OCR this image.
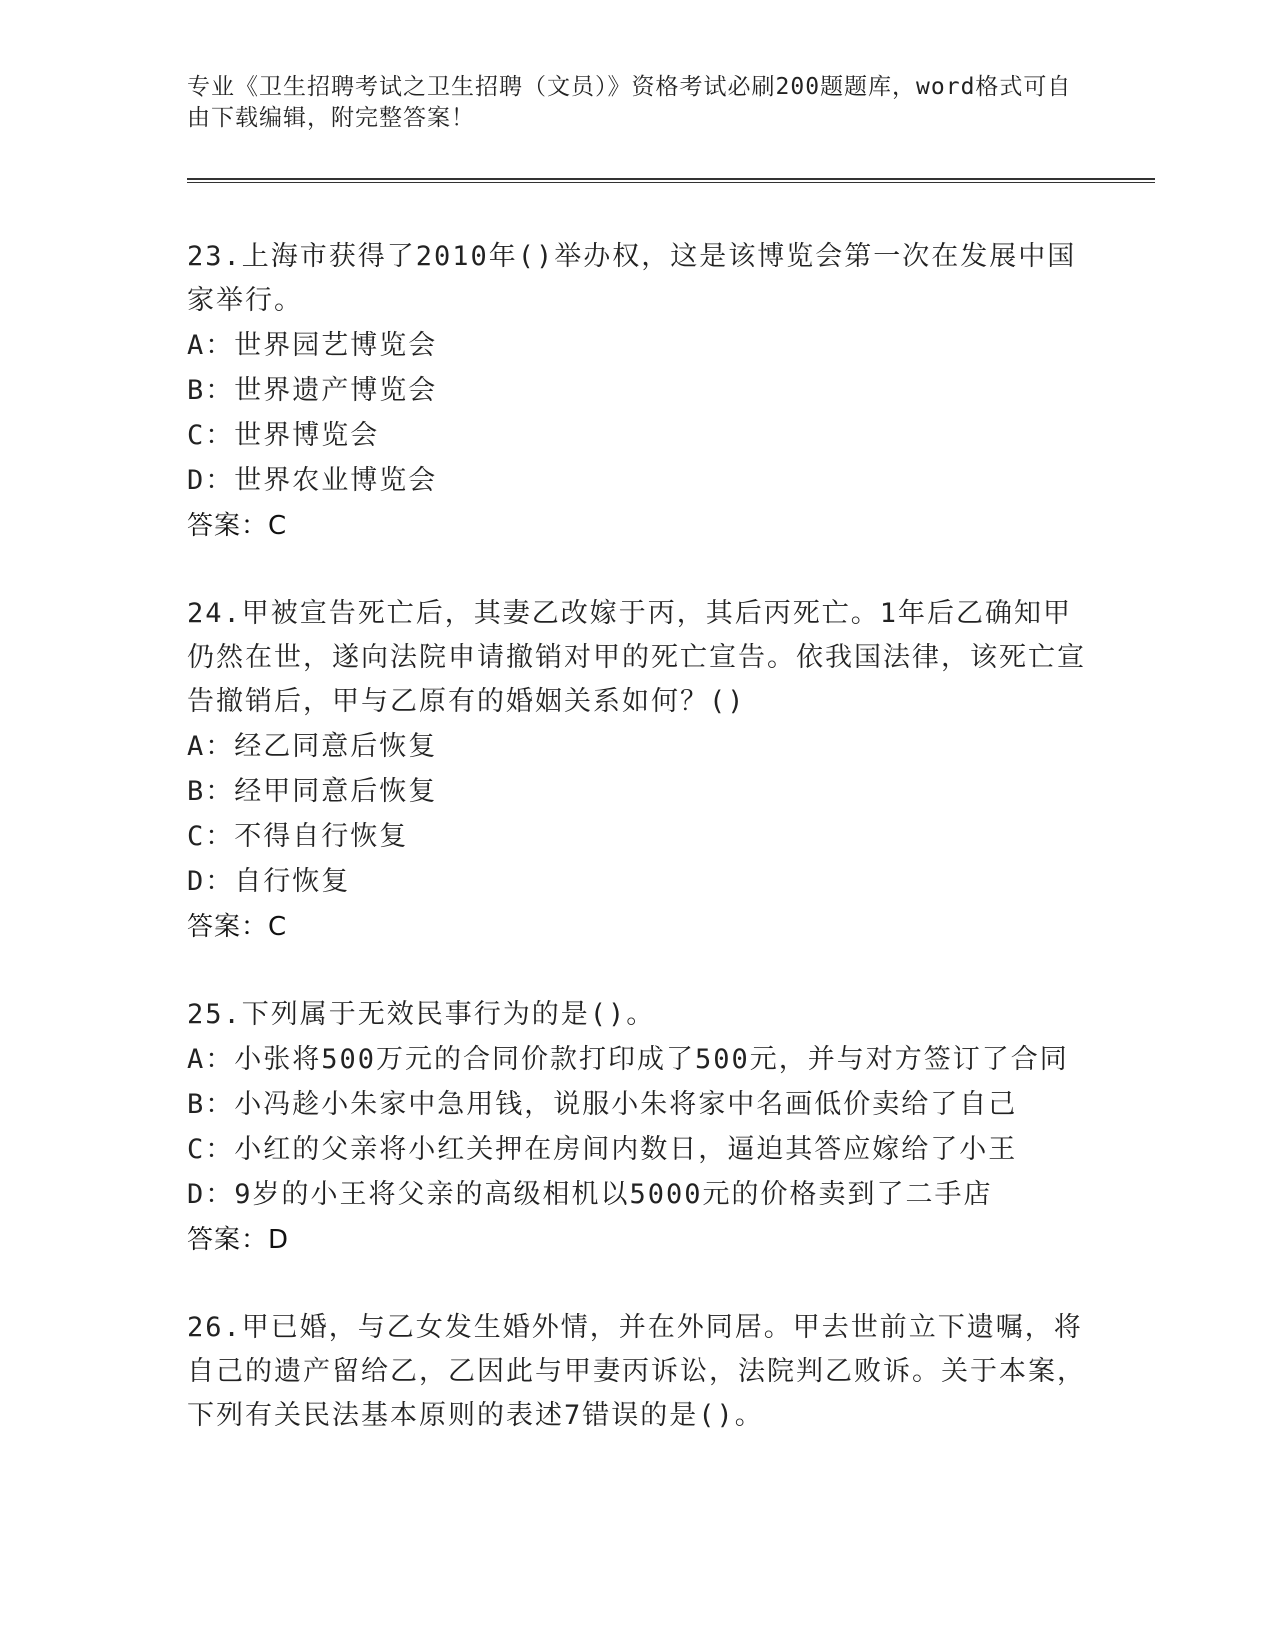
专业《卫生招聘考试之卫生招聘（文员）》资格考试必刷200题题库，word格式可自由下载编辑，附完整答案！

23.上海市获得了2010年()举办权，这是该博览会第一次在发展中国家举行。

A：世界园艺博览会

B：世界遗产博览会

C：世界博览会

D：世界农业博览会

答案：C

24.甲被宣告死亡后，其妻乙改嫁于丙，其后丙死亡。1年后乙确知甲仍然在世，遂向法院申请撤销对甲的死亡宣告。依我国法律，该死亡宣告撤销后，甲与乙原有的婚姻关系如何？()

A：经乙同意后恢复

B：经甲同意后恢复

C：不得自行恢复

D：自行恢复

答案：C

25.下列属于无效民事行为的是()。

A：小张将500万元的合同价款打印成了500元，并与对方签订了合同

B：小冯趁小朱家中急用钱，说服小朱将家中名画低价卖给了自己

C：小红的父亲将小红关押在房间内数日，逼迫其答应嫁给了小王

D：9岁的小王将父亲的高级相机以5000元的价格卖到了二手店

答案：D

26.甲已婚，与乙女发生婚外情，并在外同居。甲去世前立下遗嘱，将自己的遗产留给乙，乙因此与甲妻丙诉讼，法院判乙败诉。关于本案，下列有关民法基本原则的表述7错误的是()。
